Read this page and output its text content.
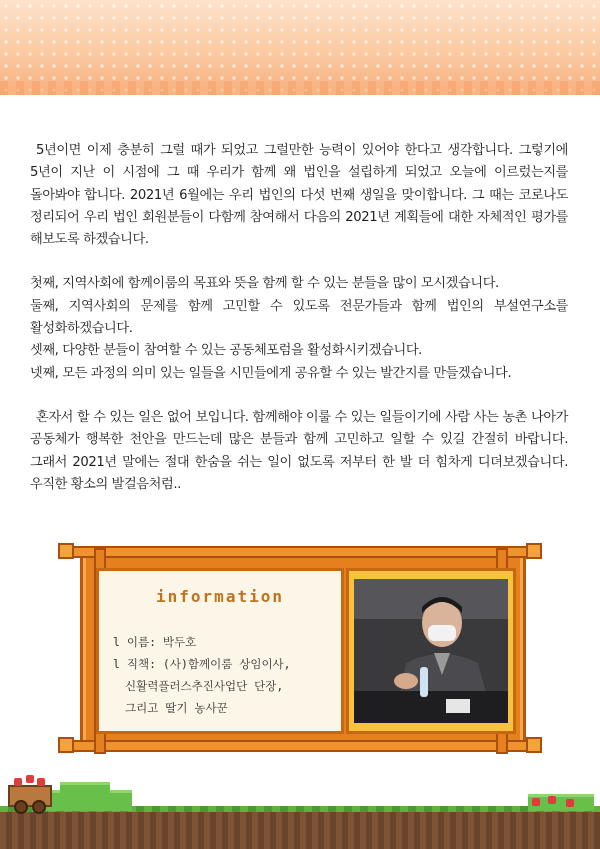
5년이면 이제 충분히 그럴 때가 되었고 그럴만한 능력이 있어야 한다고 생각합니다. 그렇기에

5년이 지난 이 시점에 그 때 우리가 함께 왜 법인을 설립하게 되었고 오늘에 이르렀는지를

돌아봐야 합니다. 2021년 6월에는 우리 법인의 다섯 번째 생일을 맞이합니다. 그 때는 코로나도

정리되어 우리 법인 회원분들이 다함께 참여해서 다음의 2021년 계획들에 대한 자체적인 평가를

해보도록 하겠습니다.

첫째, 지역사회에 함께이룸의 목표와 뜻을 함께 할 수 있는 분들을 많이 모시겠습니다.

둘째, 지역사회의 문제를 함께 고민할 수 있도록 전문가들과 함께 법인의 부설연구소를

활성화하겠습니다.

셋째, 다양한 분들이 참여할 수 있는 공동체포럼을 활성화시키겠습니다.

넷째, 모든 과정의 의미 있는 일들을 시민들에게 공유할 수 있는 발간지를 만들겠습니다.

혼자서 할 수 있는 일은 없어 보입니다. 함께해야 이룰 수 있는 일들이기에 사람 사는 농촌 나아가

공동체가 행복한 천안을 만드는데 많은 분들과 함께 고민하고 일할 수 있길 간절히 바랍니다.

그래서 2021년 말에는 절대 한숨을 쉬는 일이 없도록 저부터 한 발 더 힘차게 디뎌보겠습니다.

우직한 황소의 발걸음처럼..

information
l 이름: 박두호
l 직책: (사)함께이룸 상임이사,
신활력플러스추진사업단 단장,
그리고 딸기 농사꾼
